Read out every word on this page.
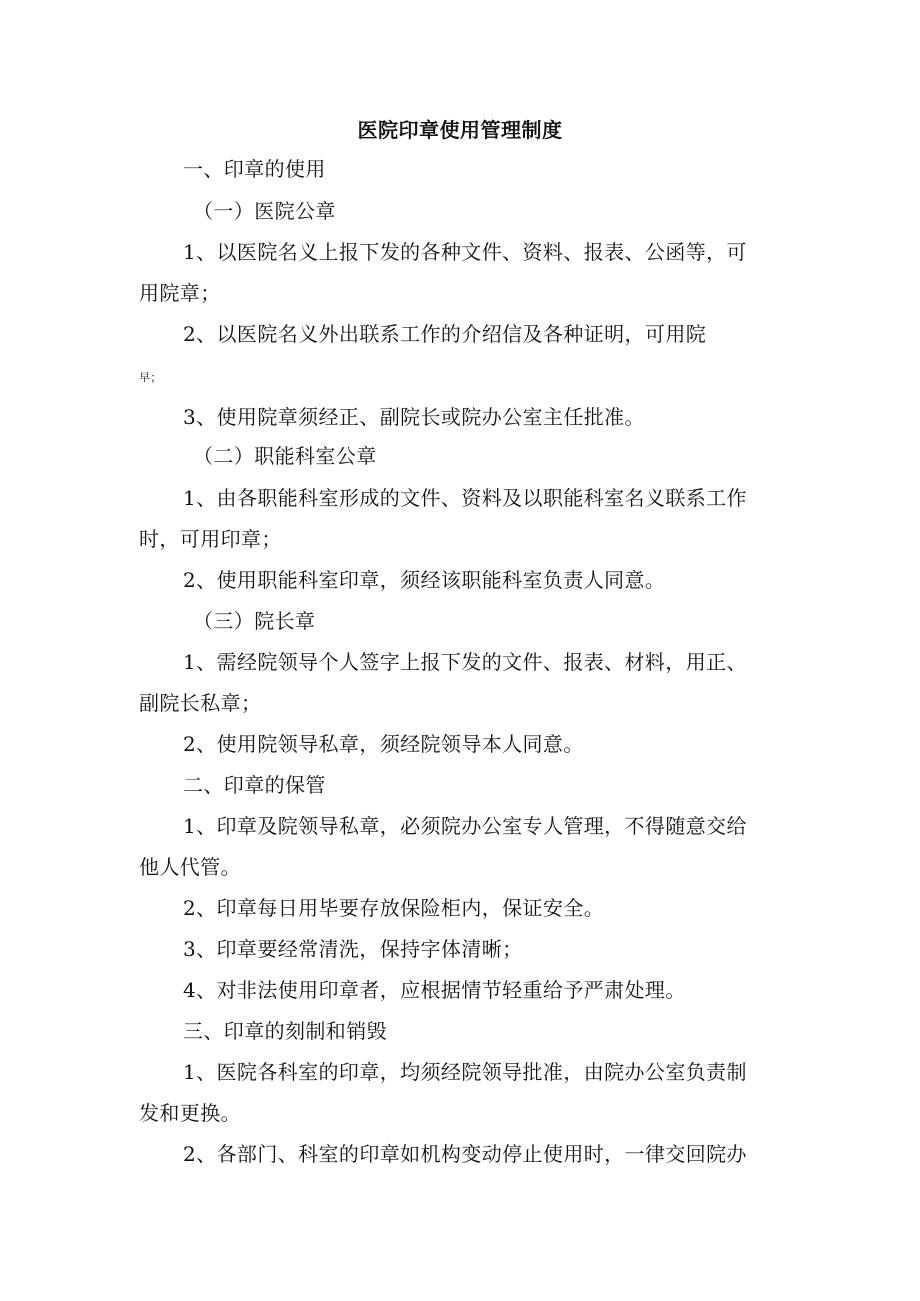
医院印章使用管理制度
一、印章的使用
（一）医院公章
1、以医院名义上报下发的各种文件、资料、报表、公函等，可
用院章；
2、以医院名义外出联系工作的介绍信及各种证明，可用院
早；
3、使用院章须经正、副院长或院办公室主任批准。
（二）职能科室公章
1、由各职能科室形成的文件、资料及以职能科室名义联系工作
时，可用印章；
2、使用职能科室印章，须经该职能科室负责人同意。
（三）院长章
1、需经院领导个人签字上报下发的文件、报表、材料，用正、
副院长私章；
2、使用院领导私章，须经院领导本人同意。
二、印章的保管
1、印章及院领导私章，必须院办公室专人管理，不得随意交给
他人代管。
2、印章每日用毕要存放保险柜内，保证安全。
3、印章要经常清洗，保持字体清晰；
4、对非法使用印章者，应根据情节轻重给予严肃处理。
三、印章的刻制和销毁
1、医院各科室的印章，均须经院领导批准，由院办公室负责制
发和更换。
2、各部门、科室的印章如机构变动停止使用时，一律交回院办
